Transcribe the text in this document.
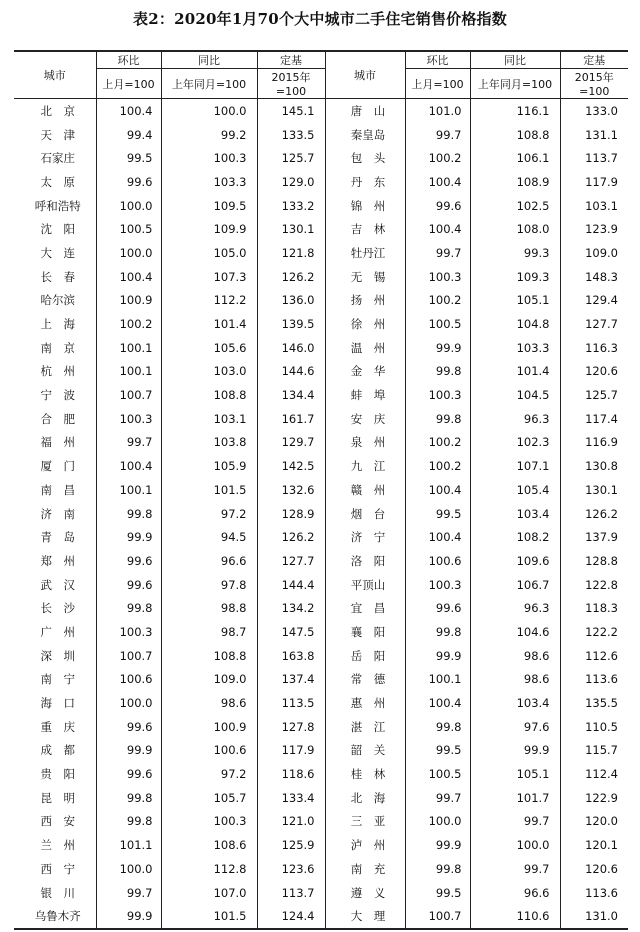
表2：2020年1月70个大中城市二手住宅销售价格指数
城市	环比	同比	定基	城市	环比	同比	定基
	上月=100	上年同月=100	2015年=100		上月=100	上年同月=100	2015年=100
北　京	100.4	100.0	145.1	唐　山	101.0	116.1	133.0
天　津	99.4	99.2	133.5	秦皇岛	99.7	108.8	131.1
石家庄	99.5	100.3	125.7	包　头	100.2	106.1	113.7
太　原	99.6	103.3	129.0	丹　东	100.4	108.9	117.9
呼和浩特	100.0	109.5	133.2	锦　州	99.6	102.5	103.1
沈　阳	100.5	109.9	130.1	吉　林	100.4	108.0	123.9
大　连	100.0	105.0	121.8	牡丹江	99.7	99.3	109.0
长　春	100.4	107.3	126.2	无　锡	100.3	109.3	148.3
哈尔滨	100.9	112.2	136.0	扬　州	100.2	105.1	129.4
上　海	100.2	101.4	139.5	徐　州	100.5	104.8	127.7
南　京	100.1	105.6	146.0	温　州	99.9	103.3	116.3
杭　州	100.1	103.0	144.6	金　华	99.8	101.4	120.6
宁　波	100.7	108.8	134.4	蚌　埠	100.3	104.5	125.7
合　肥	100.3	103.1	161.7	安　庆	99.8	96.3	117.4
福　州	99.7	103.8	129.7	泉　州	100.2	102.3	116.9
厦　门	100.4	105.9	142.5	九　江	100.2	107.1	130.8
南　昌	100.1	101.5	132.6	赣　州	100.4	105.4	130.1
济　南	99.8	97.2	128.9	烟　台	99.5	103.4	126.2
青　岛	99.9	94.5	126.2	济　宁	100.4	108.2	137.9
郑　州	99.6	96.6	127.7	洛　阳	100.6	109.6	128.8
武　汉	99.6	97.8	144.4	平顶山	100.3	106.7	122.8
长　沙	99.8	98.8	134.2	宜　昌	99.6	96.3	118.3
广　州	100.3	98.7	147.5	襄　阳	99.8	104.6	122.2
深　圳	100.7	108.8	163.8	岳　阳	99.9	98.6	112.6
南　宁	100.6	109.0	137.4	常　德	100.1	98.6	113.6
海　口	100.0	98.6	113.5	惠　州	100.4	103.4	135.5
重　庆	99.6	100.9	127.8	湛　江	99.8	97.6	110.5
成　都	99.9	100.6	117.9	韶　关	99.5	99.9	115.7
贵　阳	99.6	97.2	118.6	桂　林	100.5	105.1	112.4
昆　明	99.8	105.7	133.4	北　海	99.7	101.7	122.9
西　安	99.8	100.3	121.0	三　亚	100.0	99.7	120.0
兰　州	101.1	108.6	125.9	泸　州	99.9	100.0	120.1
西　宁	100.0	112.8	123.6	南　充	99.8	99.7	120.6
银　川	99.7	107.0	113.7	遵　义	99.5	96.6	113.6
乌鲁木齐	99.9	101.5	124.4	大　理	100.7	110.6	131.0
